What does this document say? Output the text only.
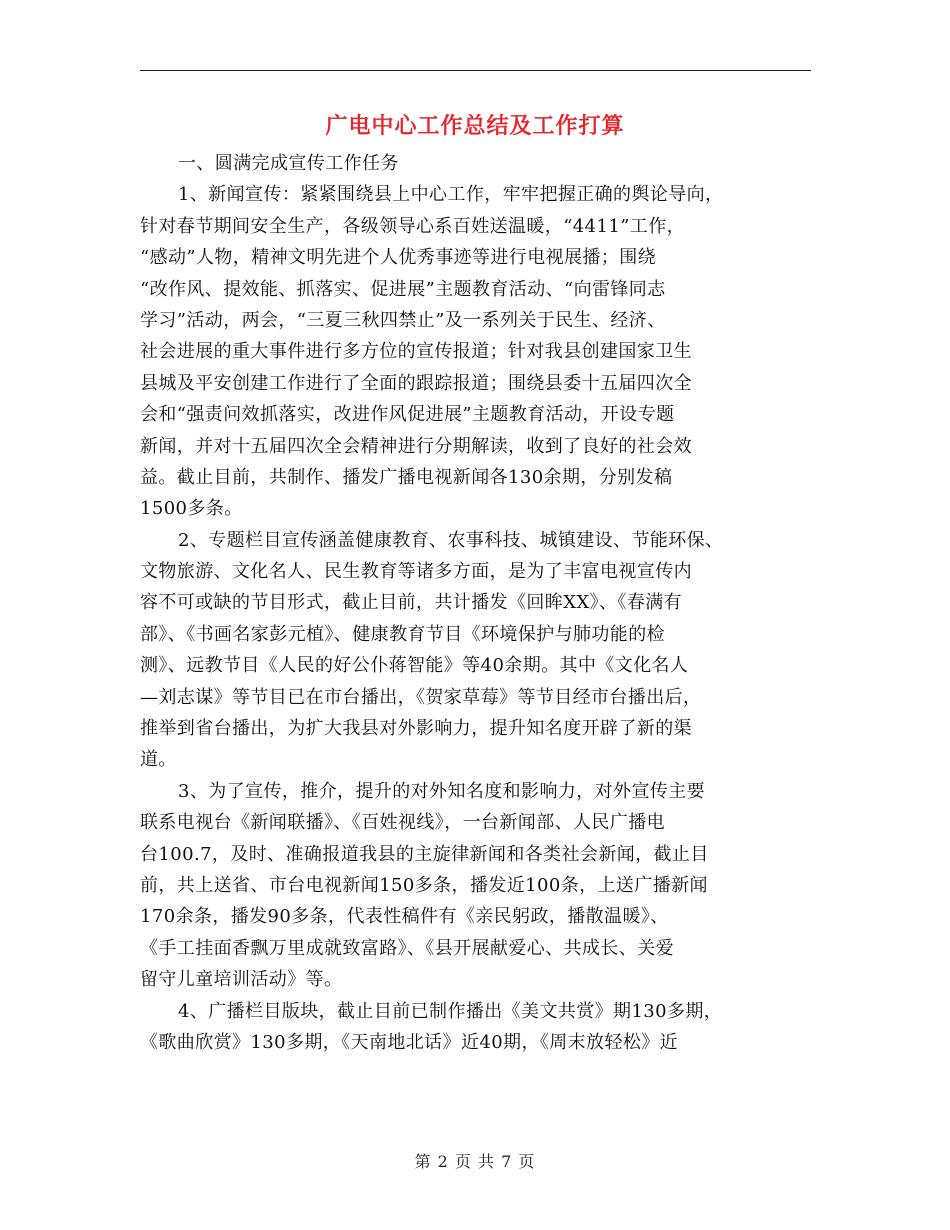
广电中心工作总结及工作打算
一、圆满完成宣传工作任务
1、新闻宣传：紧紧围绕县上中心工作，牢牢把握正确的舆论导向，
针对春节期间安全生产，各级领导心系百姓送温暖，“4411”工作，
“感动”人物，精神文明先进个人优秀事迹等进行电视展播；围绕
“改作风、提效能、抓落实、促进展”主题教育活动、“向雷锋同志
学习”活动，两会，“三夏三秋四禁止”及一系列关于民生、经济、
社会进展的重大事件进行多方位的宣传报道；针对我县创建国家卫生
县城及平安创建工作进行了全面的跟踪报道；围绕县委十五届四次全
会和“强责问效抓落实，改进作风促进展”主题教育活动，开设专题
新闻，并对十五届四次全会精神进行分期解读，收到了良好的社会效
益。截止目前，共制作、播发广播电视新闻各130余期，分别发稿
1500多条。
2、专题栏目宣传涵盖健康教育、农事科技、城镇建设、节能环保、
文物旅游、文化名人、民生教育等诸多方面，是为了丰富电视宣传内
容不可或缺的节目形式，截止目前，共计播发《回眸XX》、《春满有
部》、《书画名家彭元植》、健康教育节目《环境保护与肺功能的检
测》、远教节目《人民的好公仆蒋智能》等40余期。其中《文化名人
—刘志谋》等节目已在市台播出，《贺家草莓》等节目经市台播出后，
推举到省台播出，为扩大我县对外影响力，提升知名度开辟了新的渠
道。
3、为了宣传，推介，提升的对外知名度和影响力，对外宣传主要
联系电视台《新闻联播》、《百姓视线》，一台新闻部、人民广播电
台100.7，及时、准确报道我县的主旋律新闻和各类社会新闻，截止目
前，共上送省、市台电视新闻150多条，播发近100条，上送广播新闻
170余条，播发90多条，代表性稿件有《亲民躬政，播散温暖》、
《手工挂面香飘万里成就致富路》、《县开展献爱心、共成长、关爱
留守儿童培训活动》等。
4、广播栏目版块，截止目前已制作播出《美文共赏》期130多期，
《歌曲欣赏》130多期，《天南地北话》近40期，《周末放轻松》近
第 2 页 共 7 页
